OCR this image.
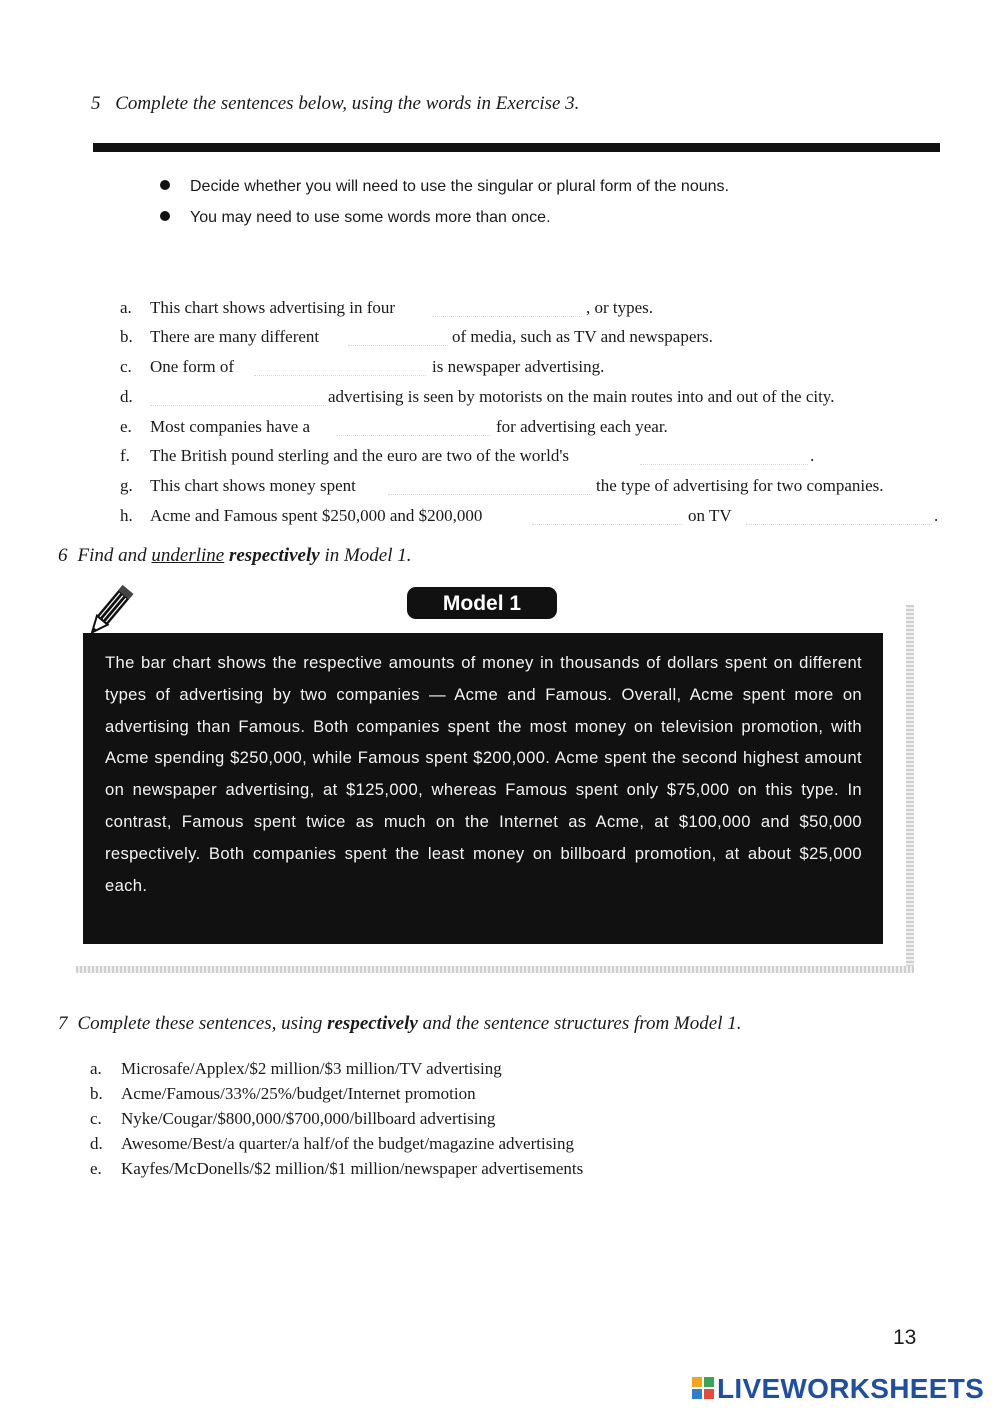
5 Complete the sentences below, using the words in Exercise 3.
Decide whether you will need to use the singular or plural form of the nouns.
You may need to use some words more than once.
a. This chart shows advertising in four	, or types.
b. There are many different	of media, such as TV and newspapers.
c. One form of	is newspaper advertising.
d.	advertising is seen by motorists on the main routes into and out of the city.
e. Most companies have a	for advertising each year.
f. The British pound sterling and the euro are two of the world's	.
g. This chart shows money spent	the type of advertising for two companies.
h. Acme and Famous spent $250,000 and $200,000	on TV	.
6 Find and underline respectively in Model 1.
Model 1
The bar chart shows the respective amounts of money in thousands of dollars spent on different types of advertising by two companies — Acme and Famous. Overall, Acme spent more on advertising than Famous. Both companies spent the most money on television promotion, with Acme spending $250,000, while Famous spent $200,000. Acme spent the second highest amount on newspaper advertising, at $125,000, whereas Famous spent only $75,000 on this type. In contrast, Famous spent twice as much on the Internet as Acme, at $100,000 and $50,000 respectively. Both companies spent the least money on billboard promotion, at about $25,000 each.
7 Complete these sentences, using respectively and the sentence structures from Model 1.
a. Microsafe/Applex/$2 million/$3 million/TV advertising
b. Acme/Famous/33%/25%/budget/Internet promotion
c. Nyke/Cougar/$800,000/$700,000/billboard advertising
d. Awesome/Best/a quarter/a half/of the budget/magazine advertising
e. Kayfes/McDonells/$2 million/$1 million/newspaper advertisements
13
LIVEWORKSHEETS
